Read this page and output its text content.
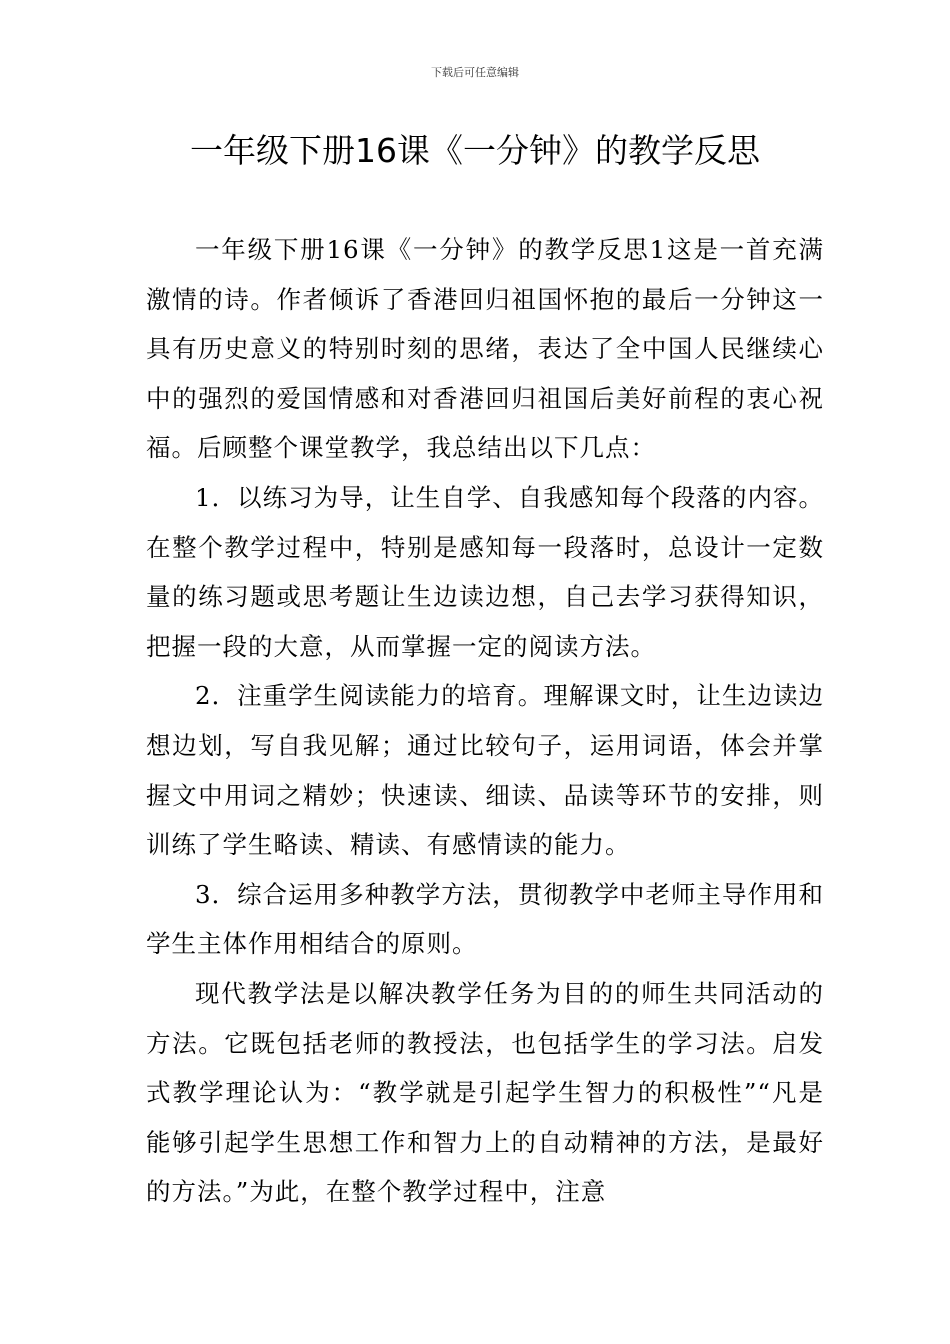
下载后可任意编辑
一年级下册16课《一分钟》的教学反思

一年级下册16课《一分钟》的教学反思1这是一首充满激情的诗。作者倾诉了香港回归祖国怀抱的最后一分钟这一具有历史意义的特别时刻的思绪，表达了全中国人民继续心中的强烈的爱国情感和对香港回归祖国后美好前程的衷心祝福。后顾整个课堂教学，我总结出以下几点：

1．以练习为导，让生自学、自我感知每个段落的内容。在整个教学过程中，特别是感知每一段落时，总设计一定数量的练习题或思考题让生边读边想，自己去学习获得知识，把握一段的大意，从而掌握一定的阅读方法。

2．注重学生阅读能力的培育。理解课文时，让生边读边想边划，写自我见解；通过比较句子，运用词语，体会并掌握文中用词之精妙；快速读、细读、品读等环节的安排，则训练了学生略读、精读、有感情读的能力。

3．综合运用多种教学方法，贯彻教学中老师主导作用和学生主体作用相结合的原则。

现代教学法是以解决教学任务为目的的师生共同活动的方法。它既包括老师的教授法，也包括学生的学习法。启发式教学理论认为：“教学就是引起学生智力的积极性”“凡是能够引起学生思想工作和智力上的自动精神的方法，是最好的方法。”为此，在整个教学过程中，注意
